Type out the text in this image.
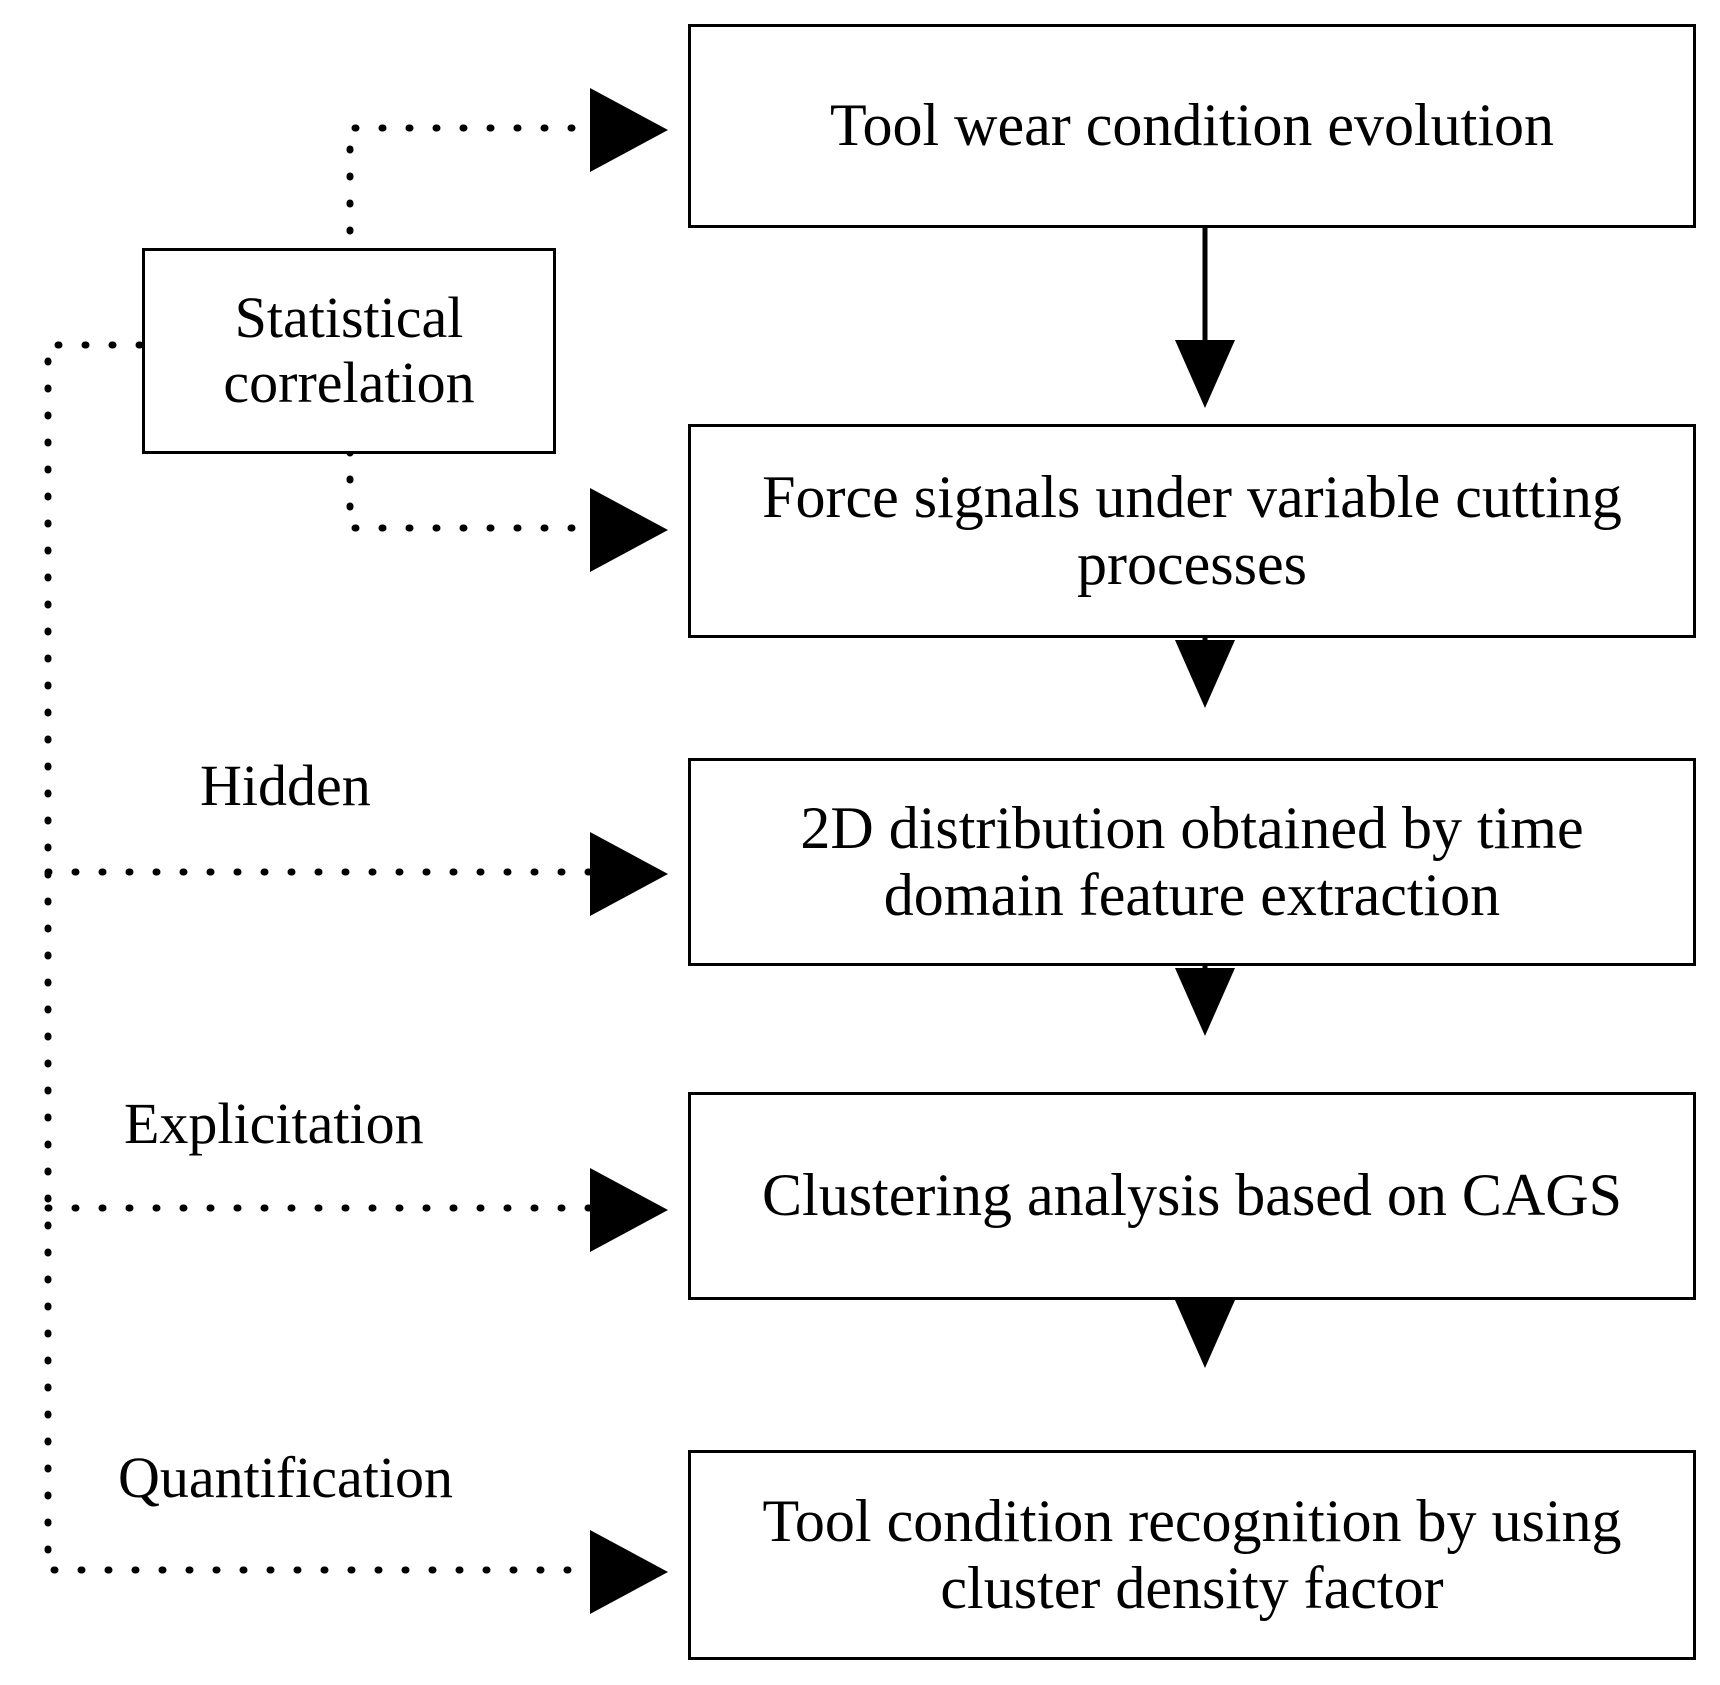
Tool wear condition evolution
Statistical correlation
Force signals under variable cutting processes
2D distribution obtained by time domain feature extraction
Clustering analysis based on CAGS
Tool condition recognition by using cluster density factor
Hidden
Explicitation
Quantification
